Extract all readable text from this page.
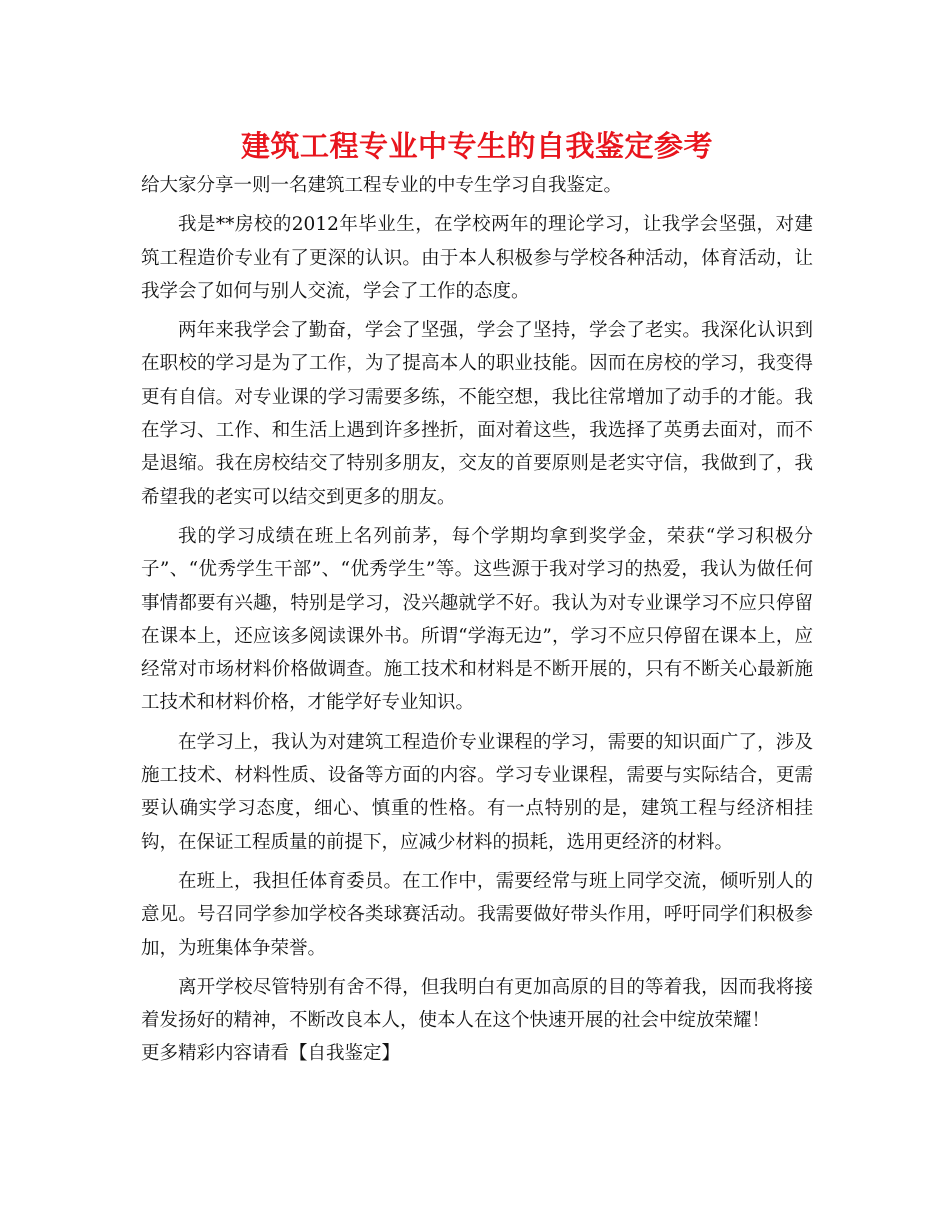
建筑工程专业中专生的自我鉴定参考

给大家分享一则一名建筑工程专业的中专生学习自我鉴定。

我是**房校的2012年毕业生，在学校两年的理论学习，让我学会坚强，对建筑工程造价专业有了更深的认识。由于本人积极参与学校各种活动，体育活动，让我学会了如何与别人交流，学会了工作的态度。

两年来我学会了勤奋，学会了坚强，学会了坚持，学会了老实。我深化认识到在职校的学习是为了工作，为了提高本人的职业技能。因而在房校的学习，我变得更有自信。对专业课的学习需要多练，不能空想，我比往常增加了动手的才能。我在学习、工作、和生活上遇到许多挫折，面对着这些，我选择了英勇去面对，而不是退缩。我在房校结交了特别多朋友，交友的首要原则是老实守信，我做到了，我希望我的老实可以结交到更多的朋友。

我的学习成绩在班上名列前茅，每个学期均拿到奖学金，荣获“学习积极分子”、“优秀学生干部”、“优秀学生”等。这些源于我对学习的热爱，我认为做任何事情都要有兴趣，特别是学习，没兴趣就学不好。我认为对专业课学习不应只停留在课本上，还应该多阅读课外书。所谓“学海无边”，学习不应只停留在课本上，应经常对市场材料价格做调查。施工技术和材料是不断开展的，只有不断关心最新施工技术和材料价格，才能学好专业知识。

在学习上，我认为对建筑工程造价专业课程的学习，需要的知识面广了，涉及施工技术、材料性质、设备等方面的内容。学习专业课程，需要与实际结合，更需要认确实学习态度，细心、慎重的性格。有一点特别的是，建筑工程与经济相挂钩，在保证工程质量的前提下，应减少材料的损耗，选用更经济的材料。

在班上，我担任体育委员。在工作中，需要经常与班上同学交流，倾听别人的意见。号召同学参加学校各类球赛活动。我需要做好带头作用，呼吁同学们积极参加，为班集体争荣誉。

离开学校尽管特别有舍不得，但我明白有更加高原的目的等着我，因而我将接着发扬好的精神，不断改良本人，使本人在这个快速开展的社会中绽放荣耀！

更多精彩内容请看【自我鉴定】
